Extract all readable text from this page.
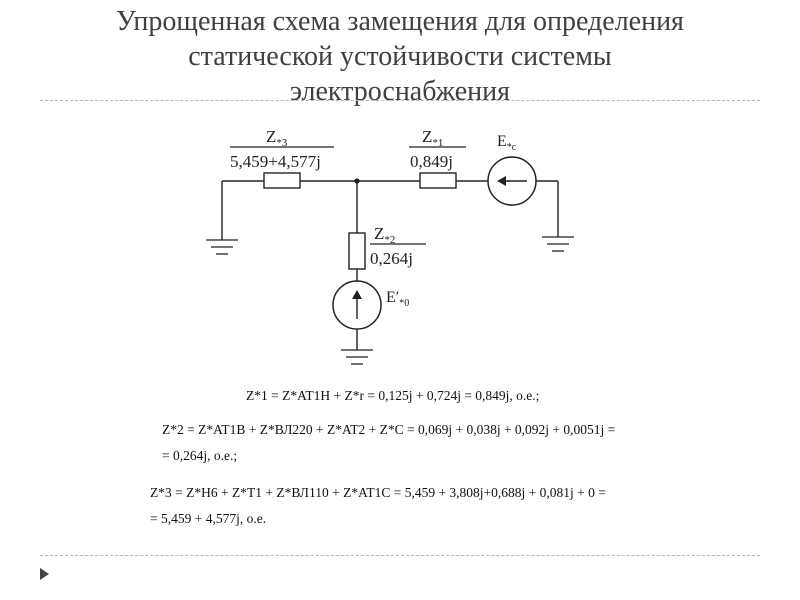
Упрощенная схема замещения для определения
статической устойчивости системы
электроснабжения
$Z_{*3}$
5,459+4,577j
$Z_{*1}$
0,849j
$E_{*c}$
$Z_{*2}$
0,264j
$E'_{*0}$
Z*1 = Z*AT1H + Z*r = 0,125j + 0,724j = 0,849j, o.e.;
Z*2 = Z*AT1B + Z*ВЛ220 + Z*AT2 + Z*C = 0,069j + 0,038j + 0,092j + 0,0051j =
= 0,264j, o.e.;
Z*3 = Z*H6 + Z*T1 + Z*ВЛ110 + Z*AT1C = 5,459 + 3,808j+0,688j + 0,081j + 0 =
= 5,459 + 4,577j, o.e.
